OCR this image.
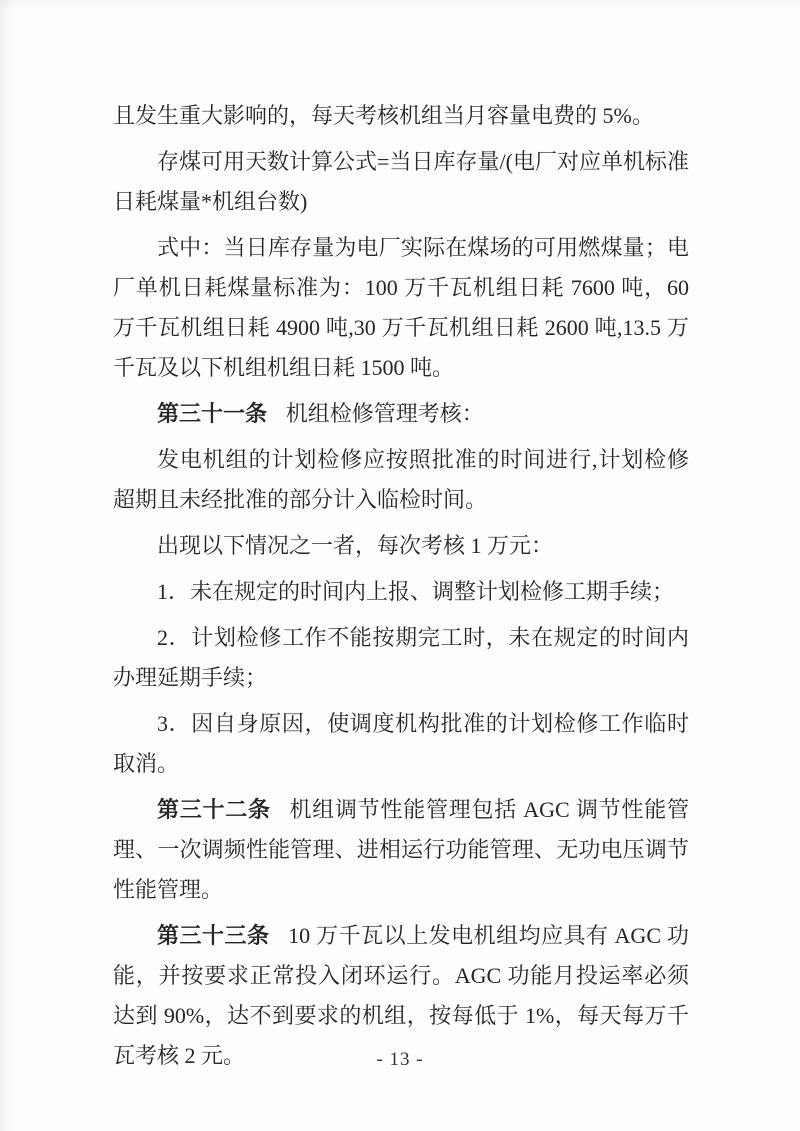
且发生重大影响的，每天考核机组当月容量电费的 5%。

存煤可用天数计算公式=当日库存量/(电厂对应单机标准日耗煤量*机组台数)

式中：当日库存量为电厂实际在煤场的可用燃煤量；电厂单机日耗煤量标准为：100 万千瓦机组日耗 7600 吨，60 万千瓦机组日耗 4900 吨,30 万千瓦机组日耗 2600 吨,13.5 万千瓦及以下机组机组日耗 1500 吨。

第三十一条 机组检修管理考核：

发电机组的计划检修应按照批准的时间进行,计划检修超期且未经批准的部分计入临检时间。

出现以下情况之一者，每次考核 1 万元：

1．未在规定的时间内上报、调整计划检修工期手续；

2．计划检修工作不能按期完工时，未在规定的时间内办理延期手续；

3．因自身原因，使调度机构批准的计划检修工作临时取消。

第三十二条 机组调节性能管理包括 AGC 调节性能管理、一次调频性能管理、进相运行功能管理、无功电压调节性能管理。

第三十三条 10 万千瓦以上发电机组均应具有 AGC 功能，并按要求正常投入闭环运行。AGC 功能月投运率必须达到 90%，达不到要求的机组，按每低于 1%，每天每万千瓦考核 2 元。	- 13 -
